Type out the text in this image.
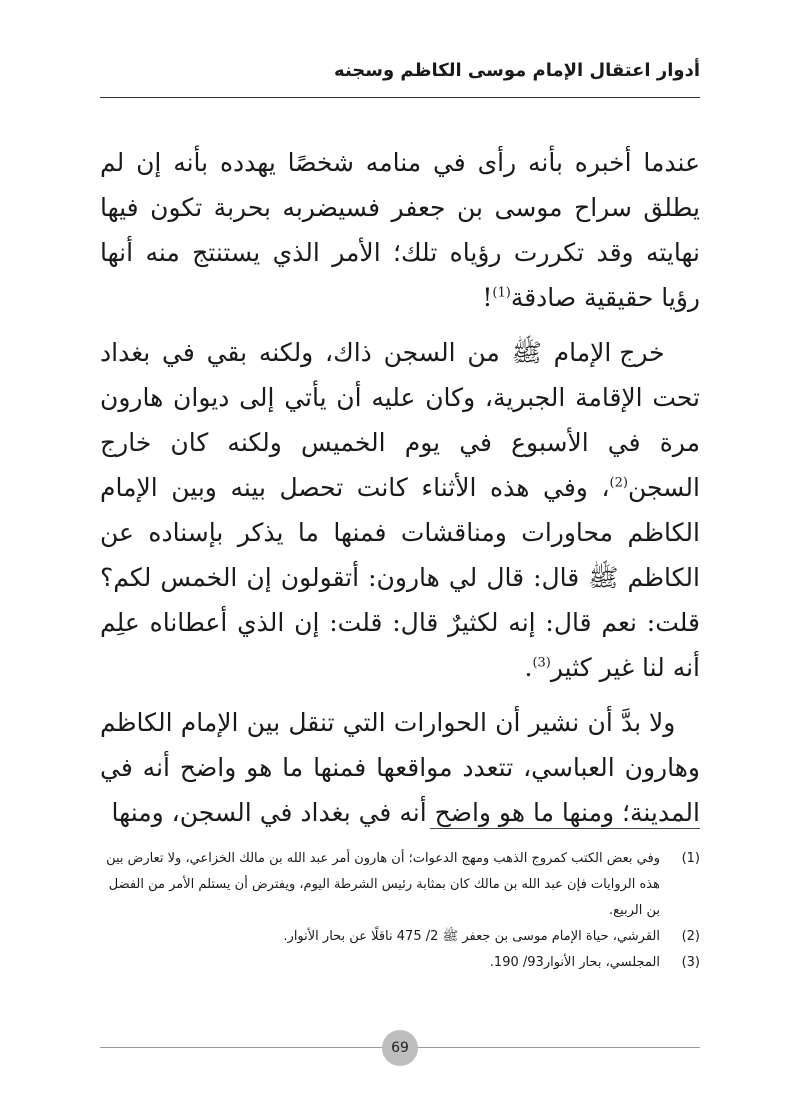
أدوار اعتقال الإمام موسى الكاظم وسجنه

عندما أخبره بأنه رأى في منامه شخصًا يهدده بأنه إن لم يطلق سراح موسى بن جعفر فسيضربه بحربة تكون فيها نهايته وقد تكررت رؤياه تلك؛ الأمر الذي يستنتج منه أنها رؤيا حقيقية صادقة$^{(1)}$!

خرج الإمام ﷺ من السجن ذاك، ولكنه بقي في بغداد تحت الإقامة الجبرية، وكان عليه أن يأتي إلى ديوان هارون مرة في الأسبوع في يوم الخميس ولكنه كان خارج السجن$^{(2)}$، وفي هذه الأثناء كانت تحصل بينه وبين الإمام الكاظم محاورات ومناقشات فمنها ما يذكر بإسناده عن الكاظم ﷺ قال: قال لي هارون: أتقولون إن الخمس لكم؟ قلت: نعم قال: إنه لكثيرٌ قال: قلت: إن الذي أعطاناه علِم أنه لنا غير كثير$^{(3)}$.

ولا بدَّ أن نشير أن الحوارات التي تنقل بين الإمام الكاظم وهارون العباسي، تتعدد مواقعها فمنها ما هو واضح أنه في المدينة؛ ومنها ما هو واضح أنه في بغداد في السجن، ومنها

(1)
وفي بعض الكتب كمروج الذهب ومهج الدعوات؛ أن هارون أمر عبد الله بن مالك الخزاعي، ولا تعارض بين هذه الروايات فإن عبد الله بن مالك كان بمثابة رئيس الشرطة اليوم، ويفترض أن يستلم الأمر من الفضل بن الربيع.
(2)
القرشي، حياة الإمام موسى بن جعفر ﷺ 2/ 475 ناقلًا عن بحار الأنوار.
(3)
المجلسي، بحار الأنوار93/ 190.
69
